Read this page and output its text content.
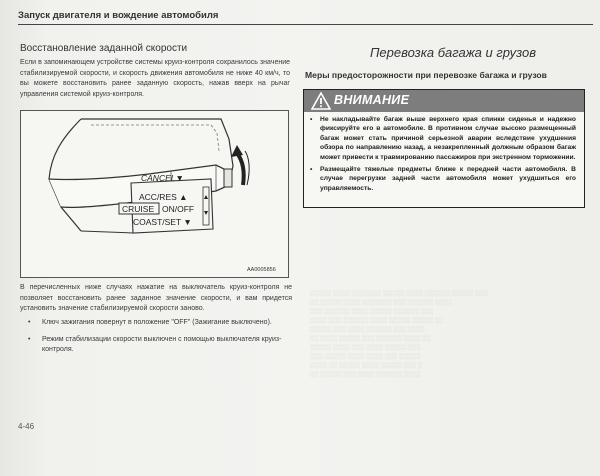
░░░░░ ░░░░ ░░░░░░░ ░░░░░ ░░░░ ░░░░░░ ░░░░░ ░░░
░░ ░░░░░ ░░░░ ░░░░░░░ ░░░ ░░░░░░ ░░░░
░░░ ░░░░░░ ░░░░ ░░░░░ ░░░░░░ ░░░
░░░░ ░░░ ░░░░░░ ░░░░ ░░░░░ ░░░░░ ░░
░░░░░ ░░░ ░░░░ ░░░░░░ ░░░ ░░░░
░░ ░░░░ ░░░░░ ░░░ ░░░░░░ ░░░░ ░░
░░░░░ ░░░░ ░░░ ░░░░ ░░░░░ ░░░
░░░ ░░░░░ ░░░░ ░░░░ ░░░ ░░░░░
░░░░ ░░ ░░░░░ ░░░░ ░░░░░ ░░░ ░
░░ ░░░░░ ░░░ ░░░░ ░░░░░░ ░░░░
Запуск двигателя и вождение автомобиля
Восстановление заданной скорости
Если в запоминающем устройстве системы круиз-контроля сохранилось значение стабилизируемой скорости, и скорость движения автомобиля не ниже 40 км/ч, то вы можете восстановить ранее заданную скорость, нажав вверх на рычаг управления системой круиз-контроля.
CANCEL▼
ACC/RES ▲
CRUISE ON/OFF
COAST/SET ▼
AA0005856
В перечисленных ниже случаях нажатие на выключатель круиз-контроля не позволяет восстановить ранее заданное значение скорости, и вам придется установить значение стабилизируемой скорости заново.
• Ключ зажигания повернут в положение "OFF" (Зажигание выключено).
• Режим стабилизации скорости выключен с помощью выключателя круиз-контроля.
4-46
Перевозка багажа и грузов
Меры предосторожности при перевозке багажа и грузов
ВНИМАНИЕ
• Не накладывайте багаж выше верхнего края спинки сиденья и надежно фиксируйте его в автомобиле. В противном случае высоко размещенный багаж может стать причиной серьезной аварии вследствие ухудшения обзора по направлению назад, а незакрепленный должным образом багаж может привести к травмированию пассажиров при экстренном торможении.
• Размещайте тяжелые предметы ближе к передней части автомобиля. В случае перегрузки задней части автомобиля может ухудшиться его управляемость.
